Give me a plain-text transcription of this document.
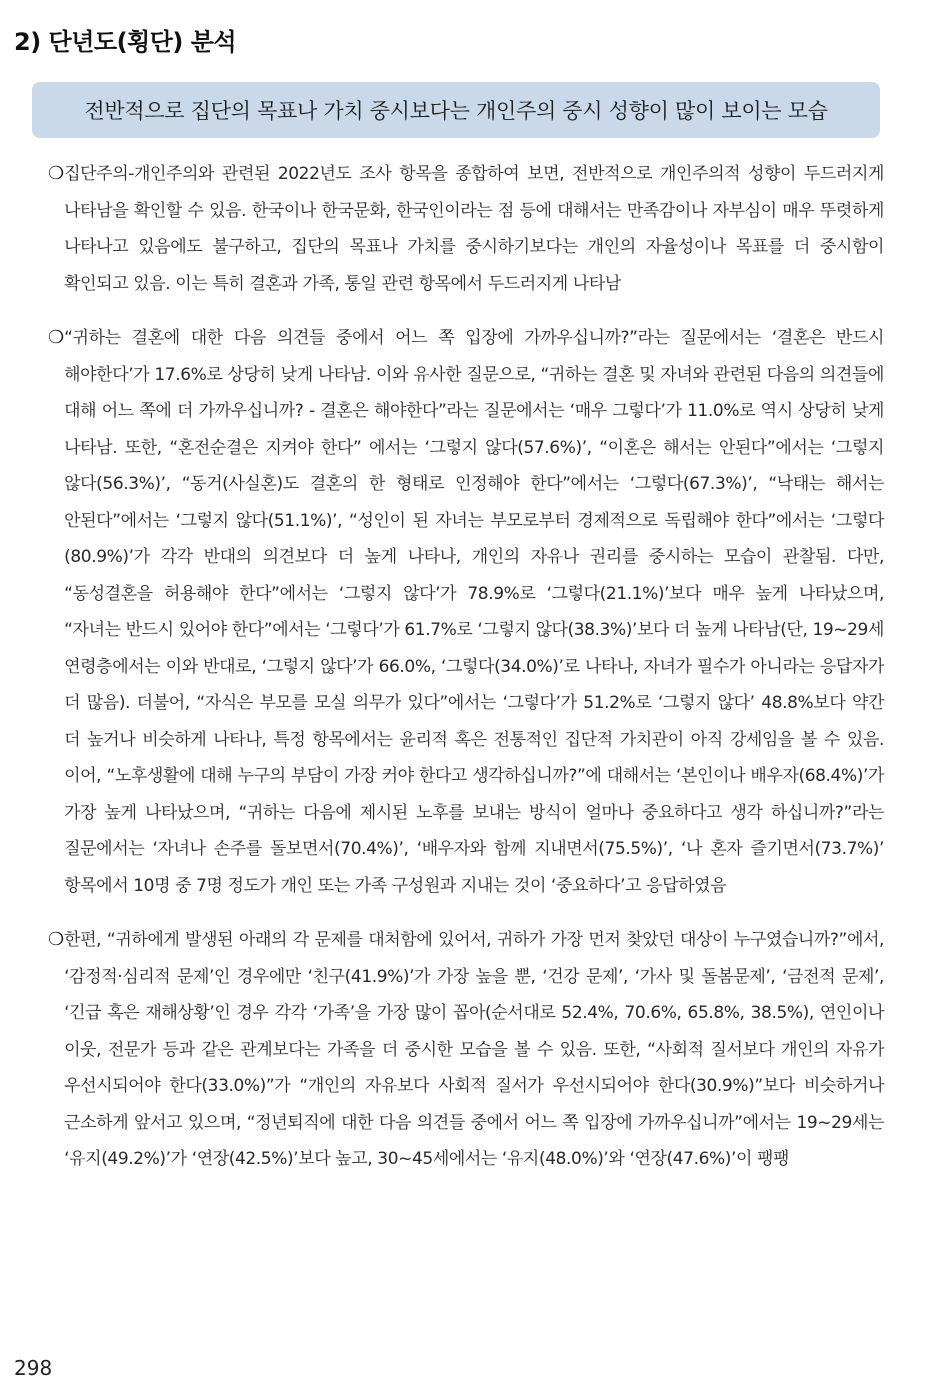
2) 단년도(횡단) 분석
전반적으로 집단의 목표나 가치 중시보다는 개인주의 중시 성향이 많이 보이는 모습
❍ 집단주의-개인주의와 관련된 2022년도 조사 항목을 종합하여 보면, 전반적으로 개인주의적 성향이 두드러지게 나타남을 확인할 수 있음. 한국이나 한국문화, 한국인이라는 점 등에 대해서는 만족감이나 자부심이 매우 뚜렷하게 나타나고 있음에도 불구하고, 집단의 목표나 가치를 중시하기보다는 개인의 자율성이나 목표를 더 중시함이 확인되고 있음. 이는 특히 결혼과 가족, 통일 관련 항목에서 두드러지게 나타남
❍ “귀하는 결혼에 대한 다음 의견들 중에서 어느 쪽 입장에 가까우십니까?”라는 질문에서는 ‘결혼은 반드시 해야한다’가 17.6%로 상당히 낮게 나타남. 이와 유사한 질문으로, “귀하는 결혼 및 자녀와 관련된 다음의 의견들에 대해 어느 쪽에 더 가까우십니까? - 결혼은 해야한다”라는 질문에서는 ‘매우 그렇다’가 11.0%로 역시 상당히 낮게 나타남. 또한, “혼전순결은 지켜야 한다” 에서는 ‘그렇지 않다(57.6%)’, “이혼은 해서는 안된다”에서는 ‘그렇지 않다(56.3%)’, “동거(사실혼)도 결혼의 한 형태로 인정해야 한다”에서는 ‘그렇다(67.3%)’, “낙태는 해서는 안된다”에서는 ‘그렇지 않다(51.1%)’, “성인이 된 자녀는 부모로부터 경제적으로 독립해야 한다”에서는 ‘그렇다(80.9%)’가 각각 반대의 의견보다 더 높게 나타나, 개인의 자유나 권리를 중시하는 모습이 관찰됨. 다만, “동성결혼을 허용해야 한다”에서는 ‘그렇지 않다’가 78.9%로 ‘그렇다(21.1%)’보다 매우 높게 나타났으며, “자녀는 반드시 있어야 한다”에서는 ‘그렇다’가 61.7%로 ‘그렇지 않다(38.3%)’보다 더 높게 나타남(단, 19~29세 연령층에서는 이와 반대로, ‘그렇지 않다’가 66.0%, ‘그렇다(34.0%)’로 나타나, 자녀가 필수가 아니라는 응답자가 더 많음). 더불어, “자식은 부모를 모실 의무가 있다”에서는 ‘그렇다’가 51.2%로 ‘그렇지 않다’ 48.8%보다 약간 더 높거나 비슷하게 나타나, 특정 항목에서는 윤리적 혹은 전통적인 집단적 가치관이 아직 강세임을 볼 수 있음. 이어, “노후생활에 대해 누구의 부담이 가장 커야 한다고 생각하십니까?”에 대해서는 ‘본인이나 배우자(68.4%)’가 가장 높게 나타났으며, “귀하는 다음에 제시된 노후를 보내는 방식이 얼마나 중요하다고 생각 하십니까?”라는 질문에서는 ‘자녀나 손주를 돌보면서(70.4%)’, ‘배우자와 함께 지내면서(75.5%)’, ‘나 혼자 즐기면서(73.7%)’ 항목에서 10명 중 7명 정도가 개인 또는 가족 구성원과 지내는 것이 ‘중요하다’고 응답하였음
❍ 한편, “귀하에게 발생된 아래의 각 문제를 대처함에 있어서, 귀하가 가장 먼저 찾았던 대상이 누구였습니까?”에서, ‘감정적·심리적 문제’인 경우에만 ‘친구(41.9%)’가 가장 높을 뿐, ‘건강 문제’, ‘가사 및 돌봄문제’, ‘금전적 문제’, ‘긴급 혹은 재해상황’인 경우 각각 ‘가족’을 가장 많이 꼽아(순서대로 52.4%, 70.6%, 65.8%, 38.5%), 연인이나 이웃, 전문가 등과 같은 관계보다는 가족을 더 중시한 모습을 볼 수 있음. 또한, “사회적 질서보다 개인의 자유가 우선시되어야 한다(33.0%)”가 “개인의 자유보다 사회적 질서가 우선시되어야 한다(30.9%)”보다 비슷하거나 근소하게 앞서고 있으며, “정년퇴직에 대한 다음 의견들 중에서 어느 쪽 입장에 가까우십니까”에서는 19~29세는 ‘유지(49.2%)’가 ‘연장(42.5%)’보다 높고, 30~45세에서는 ‘유지(48.0%)’와 ‘연장(47.6%)’이 팽팽
298
